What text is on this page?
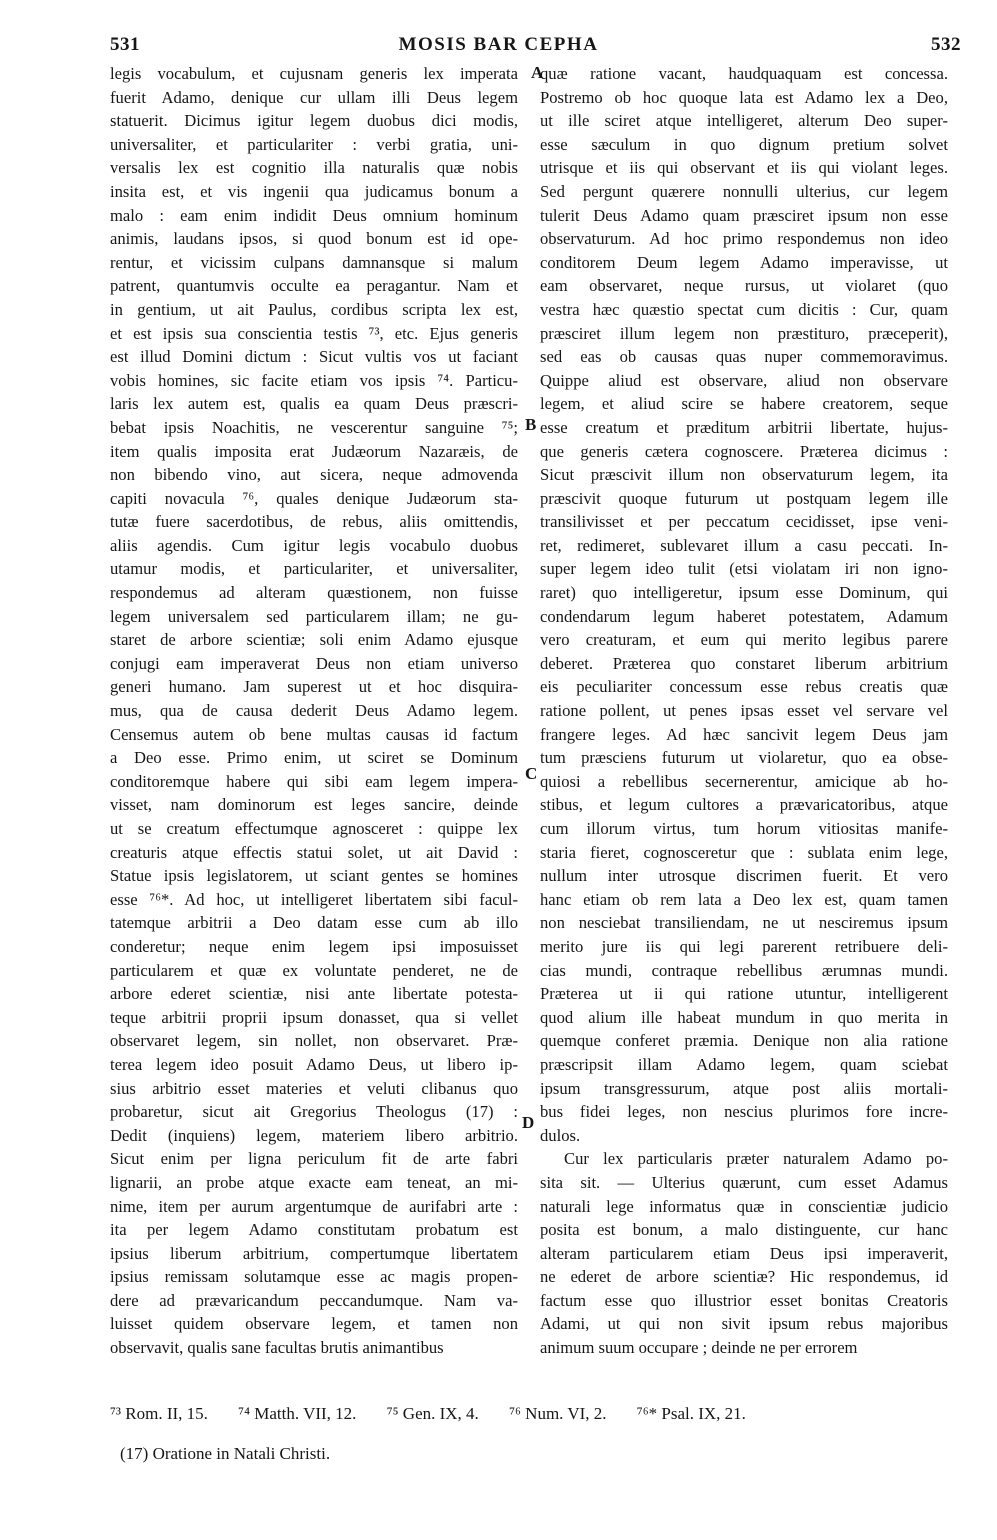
531	MOSIS BAR CEPHA	532
legis vocabulum, et cujusnam generis lex imperata
fuerit Adamo, denique cur ullam illi Deus legem
statuerit. Dicimus igitur legem duobus dici modis,
universaliter, et particulariter : verbi gratia, uni-
versalis lex est cognitio illa naturalis quæ nobis
insita est, et vis ingenii qua judicamus bonum a
malo : eam enim indidit Deus omnium hominum
animis, laudans ipsos, si quod bonum est id ope-
rentur, et vicissim culpans damnansque si malum
patrent, quantumvis occulte ea peragantur. Nam et
in gentium, ut ait Paulus, cordibus scripta lex est,
et est ipsis sua conscientia testis ⁷³, etc. Ejus generis
est illud Domini dictum : Sicut vultis vos ut faciant
vobis homines, sic facite etiam vos ipsis ⁷⁴. Particu-
laris lex autem est, qualis ea quam Deus præscri-
bebat ipsis Noachitis, ne vescerentur sanguine ⁷⁵;
item qualis imposita erat Judæorum Nazaræis, de
non bibendo vino, aut sicera, neque admovenda
capiti novacula ⁷⁶, quales denique Judæorum sta-
tutæ fuere sacerdotibus, de rebus, aliis omittendis,
aliis agendis. Cum igitur legis vocabulo duobus
utamur modis, et particulariter, et universaliter,
respondemus ad alteram quæstionem, non fuisse
legem universalem sed particularem illam; ne gu-
staret de arbore scientiæ; soli enim Adamo ejusque
conjugi eam imperaverat Deus non etiam universo
generi humano. Jam superest ut et hoc disquira-
mus, qua de causa dederit Deus Adamo legem.
Censemus autem ob bene multas causas id factum
a Deo esse. Primo enim, ut sciret se Dominum
conditoremque habere qui sibi eam legem impera-
visset, nam dominorum est leges sancire, deinde
ut se creatum effectumque agnosceret : quippe lex
creaturis atque effectis statui solet, ut ait David :
Statue ipsis legislatorem, ut sciant gentes se homines
esse ⁷⁶*. Ad hoc, ut intelligeret libertatem sibi facul-
tatemque arbitrii a Deo datam esse cum ab illo
conderetur; neque enim legem ipsi imposuisset
particularem et quæ ex voluntate penderet, ne de
arbore ederet scientiæ, nisi ante libertate potesta-
teque arbitrii proprii ipsum donasset, qua si vellet
observaret legem, sin nollet, non observaret. Præ-
terea legem ideo posuit Adamo Deus, ut libero ip-
sius arbitrio esset materies et veluti clibanus quo
probaretur, sicut ait Gregorius Theologus (17) :
Dedit (inquiens) legem, materiem libero arbitrio.
Sicut enim per ligna periculum fit de arte fabri
lignarii, an probe atque exacte eam teneat, an mi-
nime, item per aurum argentumque de aurifabri arte :
ita per legem Adamo constitutam probatum est
ipsius liberum arbitrium, compertumque libertatem
ipsius remissam solutamque esse ac magis propen-
dere ad prævaricandum peccandumque. Nam va-
luisset quidem observare legem, et tamen non
observavit, qualis sane facultas brutis animantibus
quæ ratione vacant, haudquaquam est concessa.
Postremo ob hoc quoque lata est Adamo lex a Deo,
ut ille sciret atque intelligeret, alterum Deo super-
esse sæculum in quo dignum pretium solvet
utrisque et iis qui observant et iis qui violant leges.
Sed pergunt quærere nonnulli ulterius, cur legem
tulerit Deus Adamo quam præsciret ipsum non esse
observaturum. Ad hoc primo respondemus non ideo
conditorem Deum legem Adamo imperavisse, ut
eam observaret, neque rursus, ut violaret (quo
vestra hæc quæstio spectat cum dicitis : Cur, quam
præsciret illum legem non præstituro, præceperit),
sed eas ob causas quas nuper commemoravimus.
Quippe aliud est observare, aliud non observare
legem, et aliud scire se habere creatorem, seque
esse creatum et præditum arbitrii libertate, hujus-
que generis cætera cognoscere. Præterea dicimus :
Sicut præscivit illum non observaturum legem, ita
præscivit quoque futurum ut postquam legem ille
transilivisset et per peccatum cecidisset, ipse veni-
ret, redimeret, sublevaret illum a casu peccati. In-
super legem ideo tulit (etsi violatam iri non igno-
raret) quo intelligeretur, ipsum esse Dominum, qui
condendarum legum haberet potestatem, Adamum
vero creaturam, et eum qui merito legibus parere
deberet. Præterea quo constaret liberum arbitrium
eis peculiariter concessum esse rebus creatis quæ
ratione pollent, ut penes ipsas esset vel servare vel
frangere leges. Ad hæc sancivit legem Deus jam
tum præsciens futurum ut violaretur, quo ea obse-
quiosi a rebellibus secernerentur, amicique ab ho-
stibus, et legum cultores a prævaricatoribus, atque
cum illorum virtus, tum horum vitiositas manife-
staria fieret, cognosceretur que : sublata enim lege,
nullum inter utrosque discrimen fuerit. Et vero
hanc etiam ob rem lata a Deo lex est, quam tamen
non nesciebat transiliendam, ne ut nesciremus ipsum
merito jure iis qui legi parerent retribuere deli-
cias mundi, contraque rebellibus ærumnas mundi.
Præterea ut ii qui ratione utuntur, intelligerent
quod alium ille habeat mundum in quo merita in
quemque conferet præmia. Denique non alia ratione
præscripsit illam Adamo legem, quam sciebat
ipsum transgressurum, atque post aliis mortali-
bus fidei leges, non nescius plurimos fore incre-
dulos.
Cur lex particularis præter naturalem Adamo po-
sita sit. — Ulterius quærunt, cum esset Adamus
naturali lege informatus quæ in conscientiæ judicio
posita est bonum, a malo distinguente, cur hanc
alteram particularem etiam Deus ipsi imperaverit,
ne ederet de arbore scientiæ? Hic respondemus, id
factum esse quo illustrior esset bonitas Creatoris
Adami, ut qui non sivit ipsum rebus majoribus
animum suum occupare ; deinde ne per errorem
A
B
C
D
⁷³ Rom. II, 15. ⁷⁴ Matth. VII, 12. ⁷⁵ Gen. IX, 4. ⁷⁶ Num. VI, 2. ⁷⁶* Psal. IX, 21.
(17) Oratione in Natali Christi.
